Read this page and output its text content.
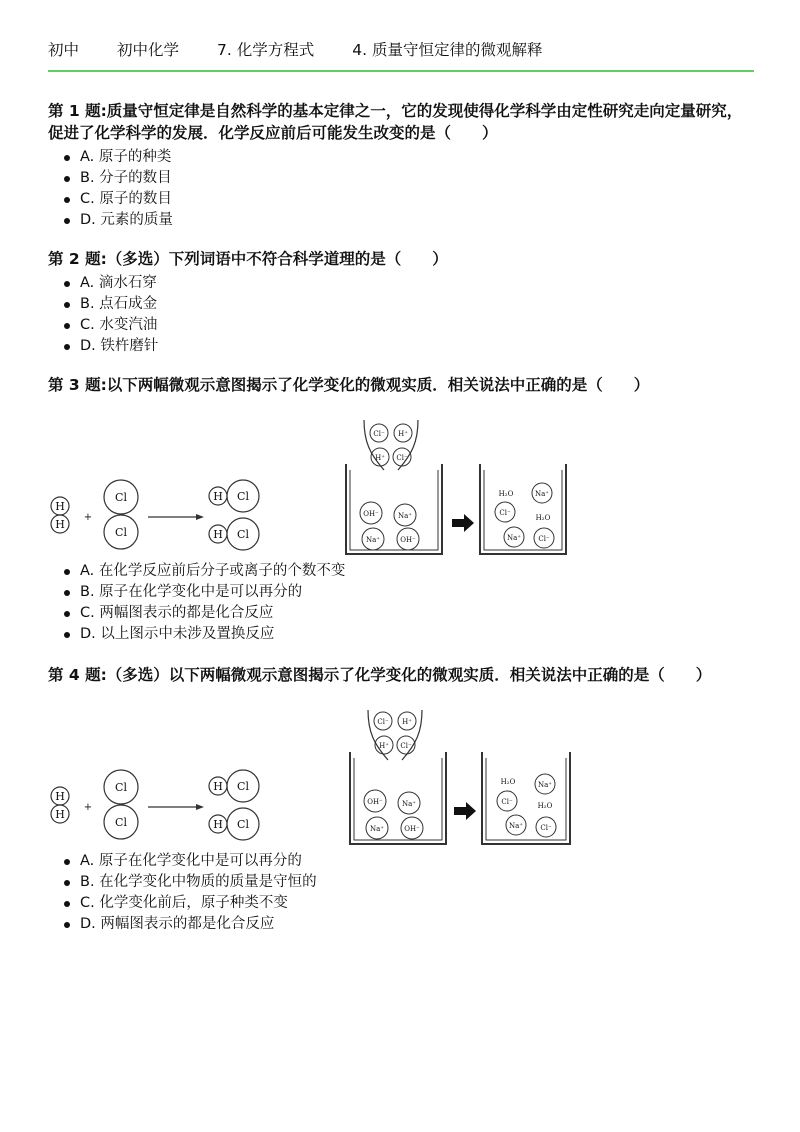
初中 初中化学 7. 化学方程式 4. 质量守恒定律的微观解释

第 1 题:质量守恒定律是自然科学的基本定律之一，它的发现使得化学科学由定性研究走向定量研究，促进了化学科学的发展．化学反应前后可能发生改变的是（　　）

A. 原子的种类
B. 分子的数目
C. 原子的数目
D. 元素的质量

第 2 题:（多选）下列词语中不符合科学道理的是（　　）

A. 滴水石穿
B. 点石成金
C. 水变汽油
D. 铁杵磨针

第 3 题:以下两幅微观示意图揭示了化学变化的微观实质．相关说法中正确的是（　　）

H
H
+
Cl
Cl
H Cl
H Cl
Cl⁻ H⁺
H⁺ Cl⁻
OH⁻	Na⁺
Na⁺	OH⁻
H₂O	Na⁺
Cl⁻
H₂O
Na⁺ Cl⁻
A. 在化学反应前后分子或离子的个数不变
B. 原子在化学变化中是可以再分的
C. 两幅图表示的都是化合反应
D. 以上图示中未涉及置换反应

第 4 题:（多选）以下两幅微观示意图揭示了化学变化的微观实质．相关说法中正确的是（　　）

H
H
+
Cl
Cl
H Cl
H Cl
Cl⁻ H⁺
H⁺ Cl⁻
OH⁻	Na⁺
Na⁺	OH⁻
H₂O	Na⁺
Cl⁻	H₂O
Na⁺ Cl⁻
A. 原子在化学变化中是可以再分的
B. 在化学变化中物质的质量是守恒的
C. 化学变化前后，原子种类不变
D. 两幅图表示的都是化合反应
